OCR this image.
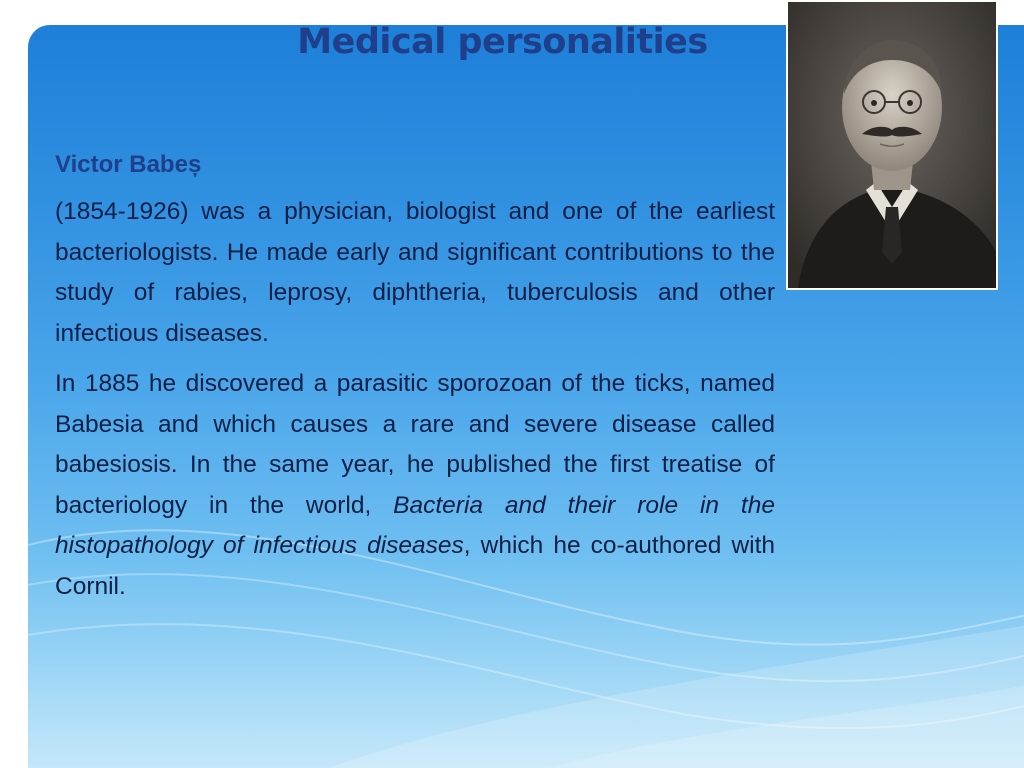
Medical personalities

Victor Babeș

(1854-1926) was a physician, biologist and one of the earliest bacteriologists. He made early and significant contributions to the study of rabies, leprosy, diphtheria, tuberculosis and other infectious diseases.

In 1885 he discovered a parasitic sporozoan of the ticks, named Babesia and which causes a rare and severe disease called babesiosis. In the same year, he published the first treatise of bacteriology in the world, Bacteria and their role in the histopathology of infectious diseases, which he co-authored with Cornil.
